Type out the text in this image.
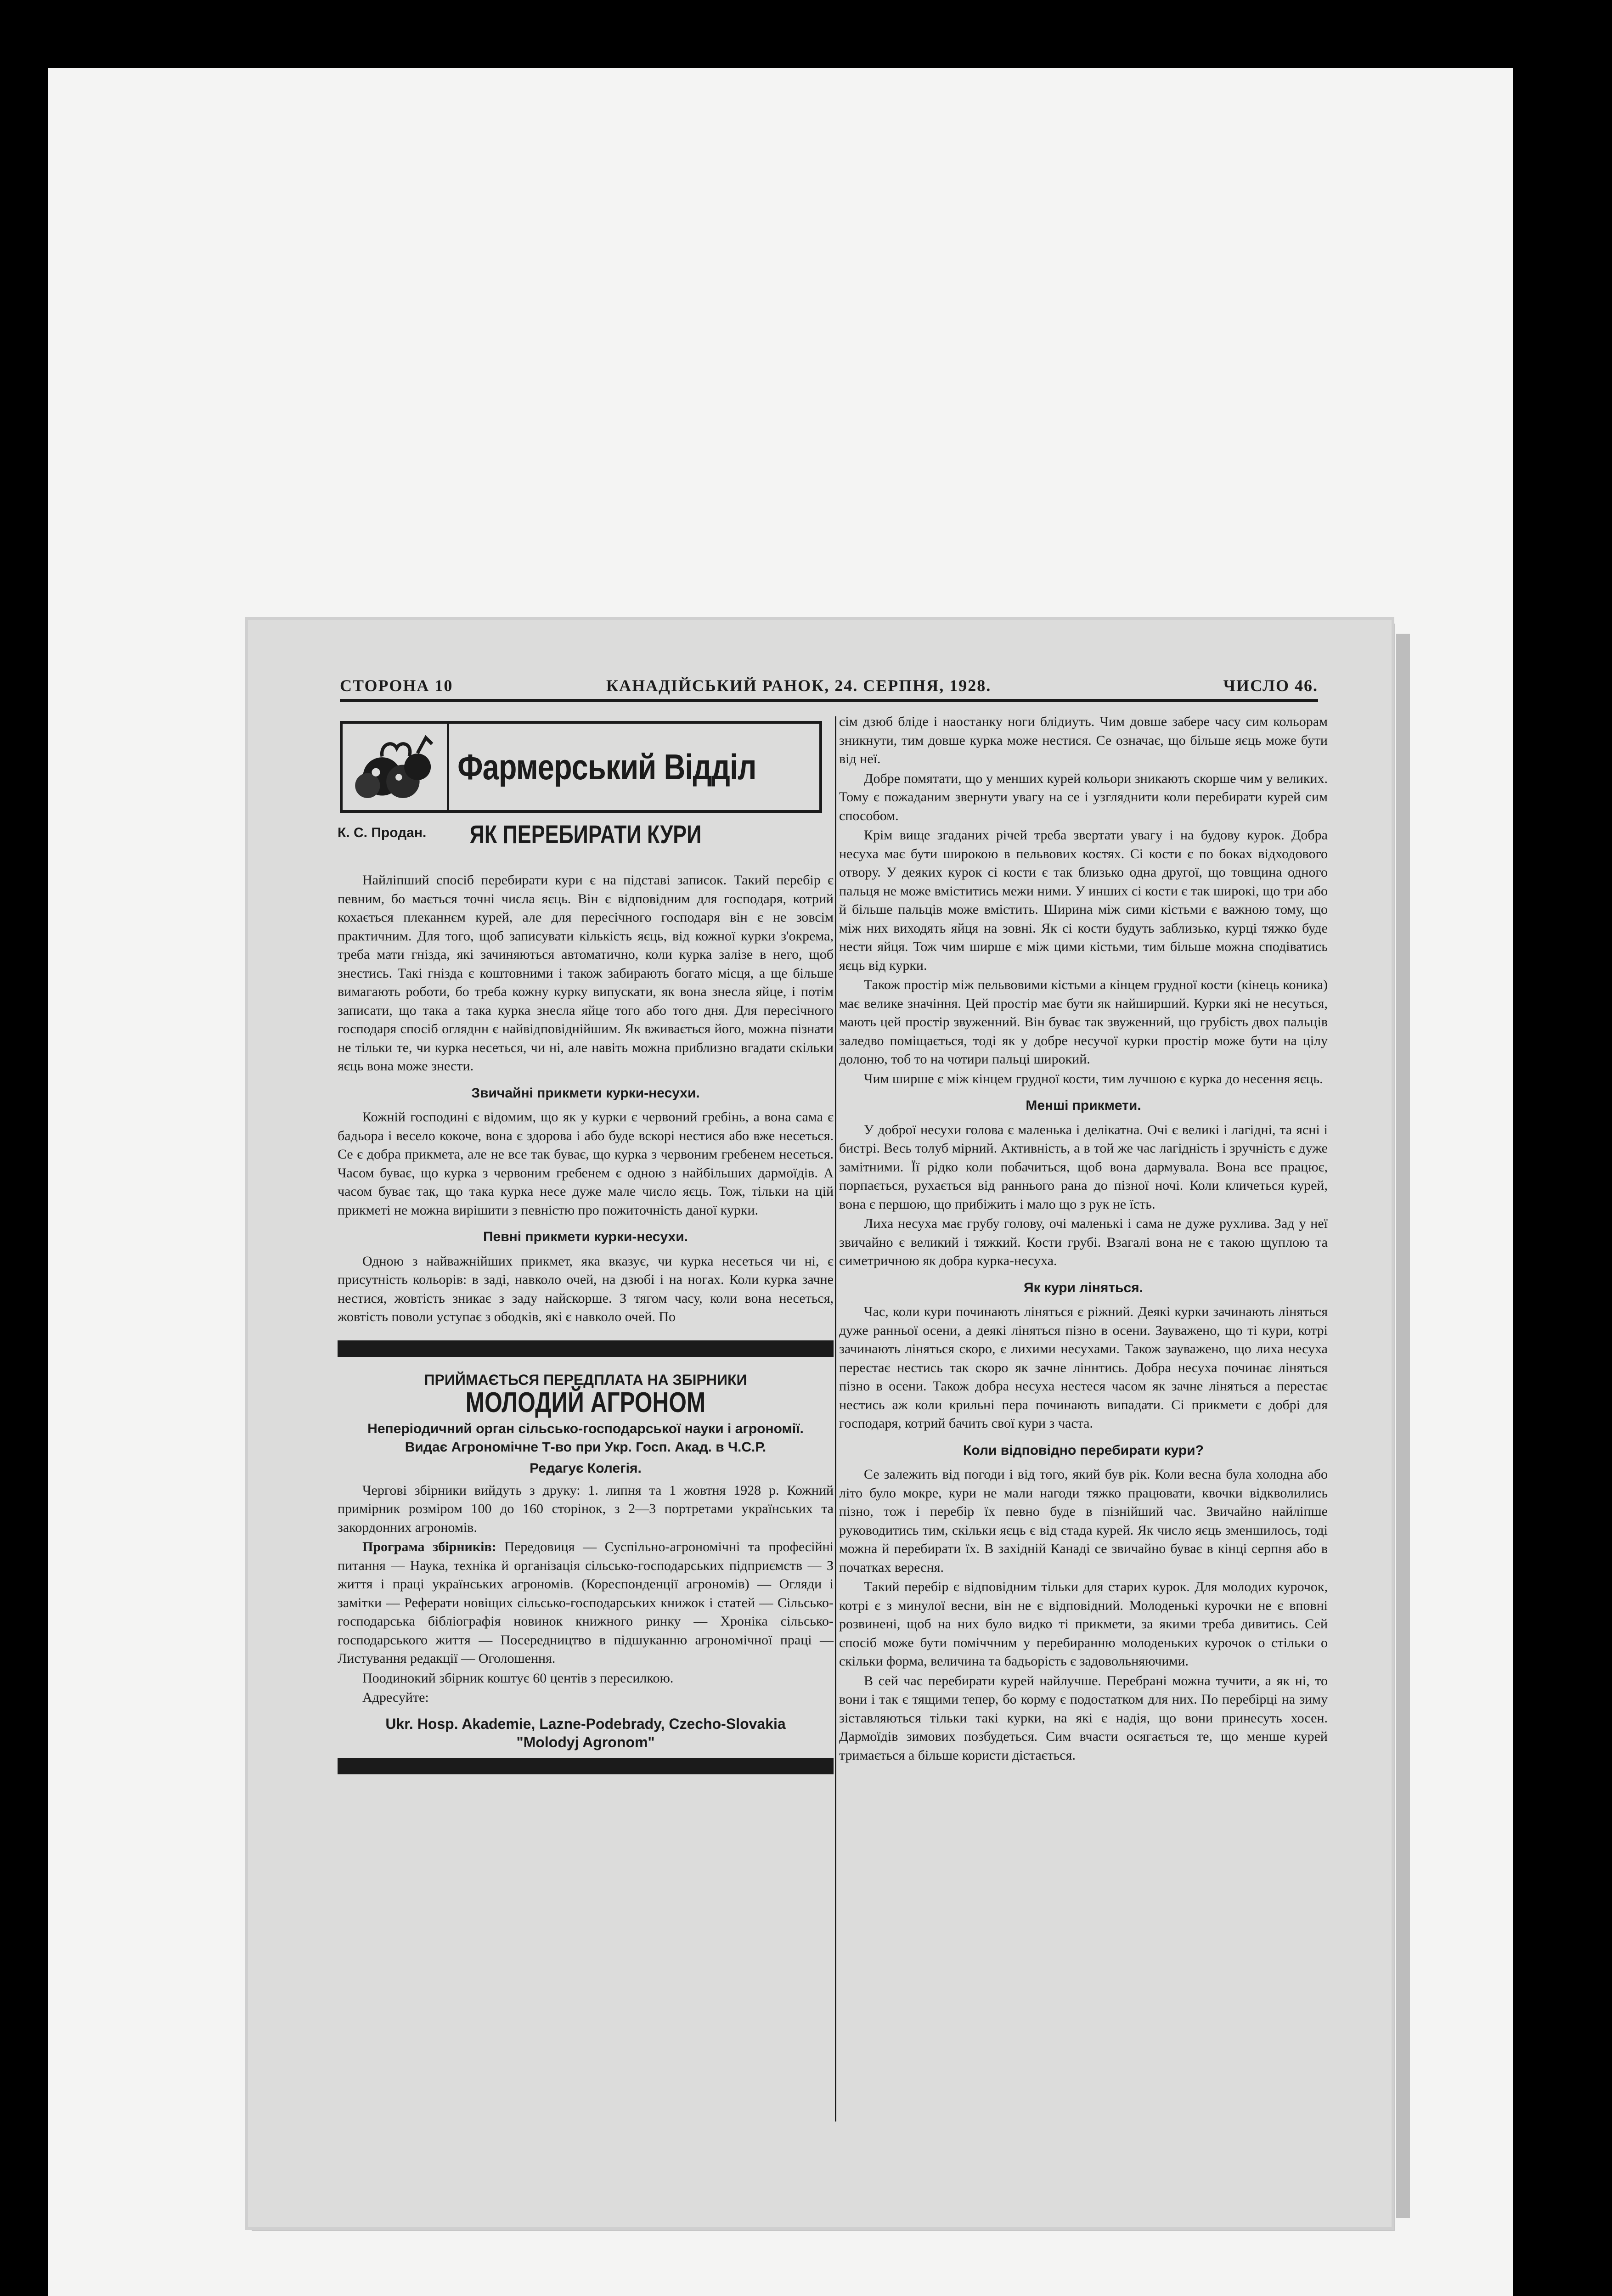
СТОРОНА 10	КАНАДІЙСЬКИЙ РАНОК, 24. СЕРПНЯ, 1928.	ЧИСЛО 46.
Фармерський Відділ
К. С. Продан.	ЯК ПЕРЕБИРАТИ КУРИ

Найліпший спосіб перебирати кури є на підставі записок. Такий перебір є певним, бо мається точні числа яєць. Він є відповідним для господаря, котрий кохається плеканнєм курей, але для пересічного господаря він є не зовсім практичним. Для того, щоб записувати кількість яєць, від кожної курки з'окрема, треба мати гнізда, які зачиняються автоматично, коли курка залізе в него, щоб знестись. Такі гнізда є коштовними і також забирають богато місця, а ще більше вимагають роботи, бо треба кожну курку випускати, як вона знесла яйце, і потім записати, що така а така курка знесла яйце того або того дня. Для пересічного господаря спосіб огляднн є найвідповіднійшим. Як вживається його, можна пізнати не тільки те, чи курка несеться, чи ні, але навіть можна приблизно вгадати скільки яєць вона може знести.

Звичайні прикмети курки-несухи.

Кожній господині є відомим, що як у курки є червоний гребінь, а вона сама є бадьора і весело кокоче, вона є здорова і або буде вскорі нестися або вже несеться. Се є добра прикмета, але не все так буває, що курка з червоним гребенем несеться. Часом буває, що курка з червоним гребенем є одною з найбільших дармоїдів. А часом буває так, що така курка несе дуже мале число яєць. Тож, тільки на цій прикметі не можна вирішити з певністю про пожиточність даної курки.

Певні прикмети курки-несухи.

Одною з найважнійших прикмет, яка вказує, чи курка несеться чи ні, є присутність кольорів: в заді, навколо очей, на дзюбі і на ногах. Коли курка зачне нестися, жовтість зникає з заду найскорше. З тягом часу, коли вона несеться, жовтість поволи уступає з ободків, які є навколо очей. По

ПРИЙМАЄТЬСЯ ПЕРЕДПЛАТА НА ЗБІРНИКИ
МОЛОДИЙ АГРОНОМ
Неперіодичний орган сільсько-господарської науки і агрономії.
Видає Агрономічне Т-во при Укр. Госп. Акад. в Ч.С.Р.
Редагує Колегія.

Чергові збірники вийдуть з друку: 1. липня та 1 жовтня 1928 р. Кожний примірник розміром 100 до 160 сторінок, з 2—3 портретами українських та закордонних агрономів.

Програма збірників: Передовиця — Суспільно-агрономічні та професійні питання — Наука, техніка й організація сільсько-господарських підприємств — З життя і праці українських агрономів. (Кореспонденції агрономів) — Огляди і замітки — Реферати новіщих сільсько-господарських книжок і статей — Сільсько-господарська бібліографія новинок книжного ринку — Хроніка сільсько-господарського життя — Посередництво в підшуканню агрономічної праці — Листування редакції — Оголошення.

Поодинокий збірник коштує 60 центів з пересилкою.

Адресуйте:

Ukr. Hosp. Akademie, Lazne-Podebrady, Czecho-Slovakia
"Molodyj Agronom"

сім дзюб бліде і наостанку ноги блідиуть. Чим довше забере часу сим кольорам зникнути, тим довше курка може нестися. Се означає, що більше яєць може бути від неї.

Добре помятати, що у менших курей кольори зникають скорше чим у великих. Тому є пожаданим звернути увагу на се і узгляднити коли перебирати курей сим способом.

Крім вище згаданих річей треба звертати увагу і на будову курок. Добра несуха має бути широкою в пельвових костях. Сі кости є по боках відходового отвору. У деяких курок сі кости є так близько одна другої, що товщина одного пальця не може вміститись межи ними. У инших сі кости є так широкі, що три або й більше пальців може вмістить. Ширина між сими кістьми є важною тому, що між них виходять яйця на зовні. Як сі кости будуть заблизько, курці тяжко буде нести яйця. Тож чим ширше є між цими кістьми, тим більше можна сподіватись яєць від курки.

Також простір між пельвовими кістьми а кінцем грудної кости (кінець коника) має велике значіння. Цей простір має бути як найширший. Курки які не несуться, мають цей простір звуженний. Він буває так звуженний, що грубість двох пальців заледво поміщається, тоді як у добре несучої курки простір може бути на цілу долоню, тоб то на чотири пальці широкий.

Чим ширше є між кінцем грудної кости, тим лучшою є курка до несення яєць.

Менші прикмети.

У доброї несухи голова є маленька і делікатна. Очі є великі і лагідні, та ясні і бистрі. Весь толуб мірний. Активність, а в той же час лагідність і зручність є дуже замітними. Її рідко коли побачиться, щоб вона дармувала. Вона все працює, порпається, рухається від раннього рана до пізної ночі. Коли кличеться курей, вона є першою, що прибіжить і мало що з рук не їсть.

Лиха несуха має грубу голову, очі маленькі і сама не дуже рухлива. Зад у неї звичайно є великий і тяжкий. Кости грубі. Взагалі вона не є такою щуплою та симетричною як добра курка-несуха.

Як кури ліняться.

Час, коли кури починають ліняться є ріжний. Деякі курки зачинають ліняться дуже ранньої осени, а деякі ліняться пізно в осени. Зауважено, що ті кури, котрі зачинають ліняться скоро, є лихими несухами. Також зауважено, що лиха несуха перестає нестись так скоро як зачне ліннтись. Добра несуха починає ліняться пізно в осени. Також добра несуха нестеся часом як зачне ліняться а перестає нестись аж коли крильні пера починають випадати. Сі прикмети є добрі для господаря, котрий бачить свої кури з часта.

Коли відповідно перебирати кури?

Се залежить від погоди і від того, який був рік. Коли весна була холодна або літо було мокре, кури не мали нагоди тяжко працювати, квочки відкволились пізно, тож і перебір їх певно буде в пізнійший час. Звичайно найліпше руководитись тим, скільки яєць є від стада курей. Як число яєць зменшилось, тоді можна й перебирати їх. В західній Канаді се звичайно буває в кінці серпня або в початках вересня.

Такий перебір є відповідним тільки для старих курок. Для молодих курочок, котрі є з минулої весни, він не є відповідний. Молоденькі курочки не є вповні розвинені, щоб на них було видко ті прикмети, за якими треба дивитись. Сей спосіб може бути поміччним у перебиранню молоденьких курочок о стільки о скільки форма, величина та бадьорість є задовольняючими.

В сей час перебирати курей найлучше. Перебрані можна тучити, а як ні, то вони і так є тящими тепер, бо корму є подостатком для них. По перебірці на зиму зіставляються тільки такі курки, на які є надія, що вони принесуть хосен. Дармоїдів зимових позбудеться. Сим вчасти осягається те, що менше курей тримається а більше користи дістається.
